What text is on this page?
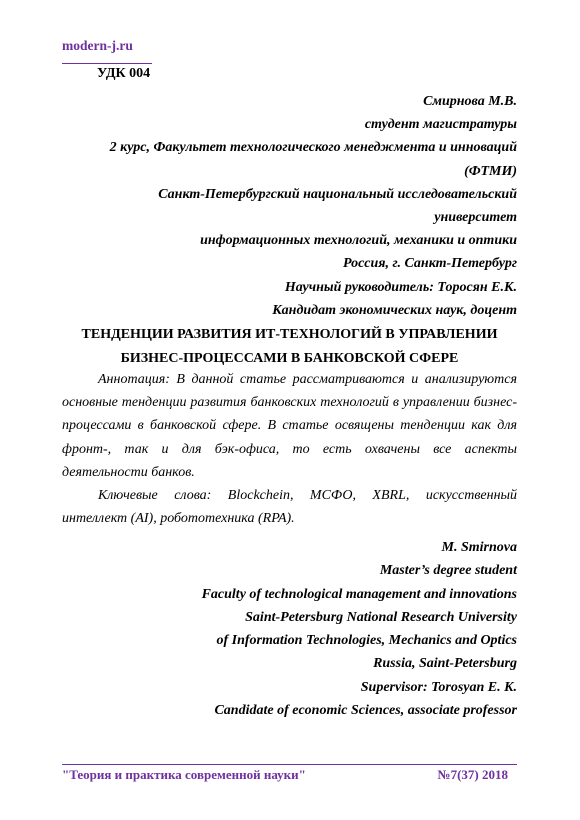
modern-j.ru
УДК 004
Смирнова М.В.
студент магистратуры
2 курс, Факультет технологического менеджмента и инноваций
(ФТМИ)
Санкт-Петербургский национальный исследовательский
университет
информационных технологий, механики и оптики
Россия, г. Санкт-Петербург
Научный руководитель: Торосян Е.К.
Кандидат экономических наук, доцент
ТЕНДЕНЦИИ РАЗВИТИЯ ИТ-ТЕХНОЛОГИЙ В УПРАВЛЕНИИ
БИЗНЕС-ПРОЦЕССАМИ В БАНКОВСКОЙ СФЕРЕ

Аннотация: В данной статье рассматриваются и анализируются основные тенденции развития банковских технологий в управлении бизнес-процессами в банковской сфере. В статье освящены тенденции как для фронт-, так и для бэк-офиса, то есть охвачены все аспекты деятельности банков.

Ключевые слова: Blockchein, МСФО, XBRL, искусственный интеллект (AI), робототехника (RPA).

M. Smirnova
Master’s degree student
Faculty of technological management and innovations
Saint-Petersburg National Research University
of Information Technologies, Mechanics and Optics
Russia, Saint-Petersburg
Supervisor: Torosyan E. K.
Candidate of economic Sciences, associate professor
"Теория и практика современной науки"	№7(37) 2018
